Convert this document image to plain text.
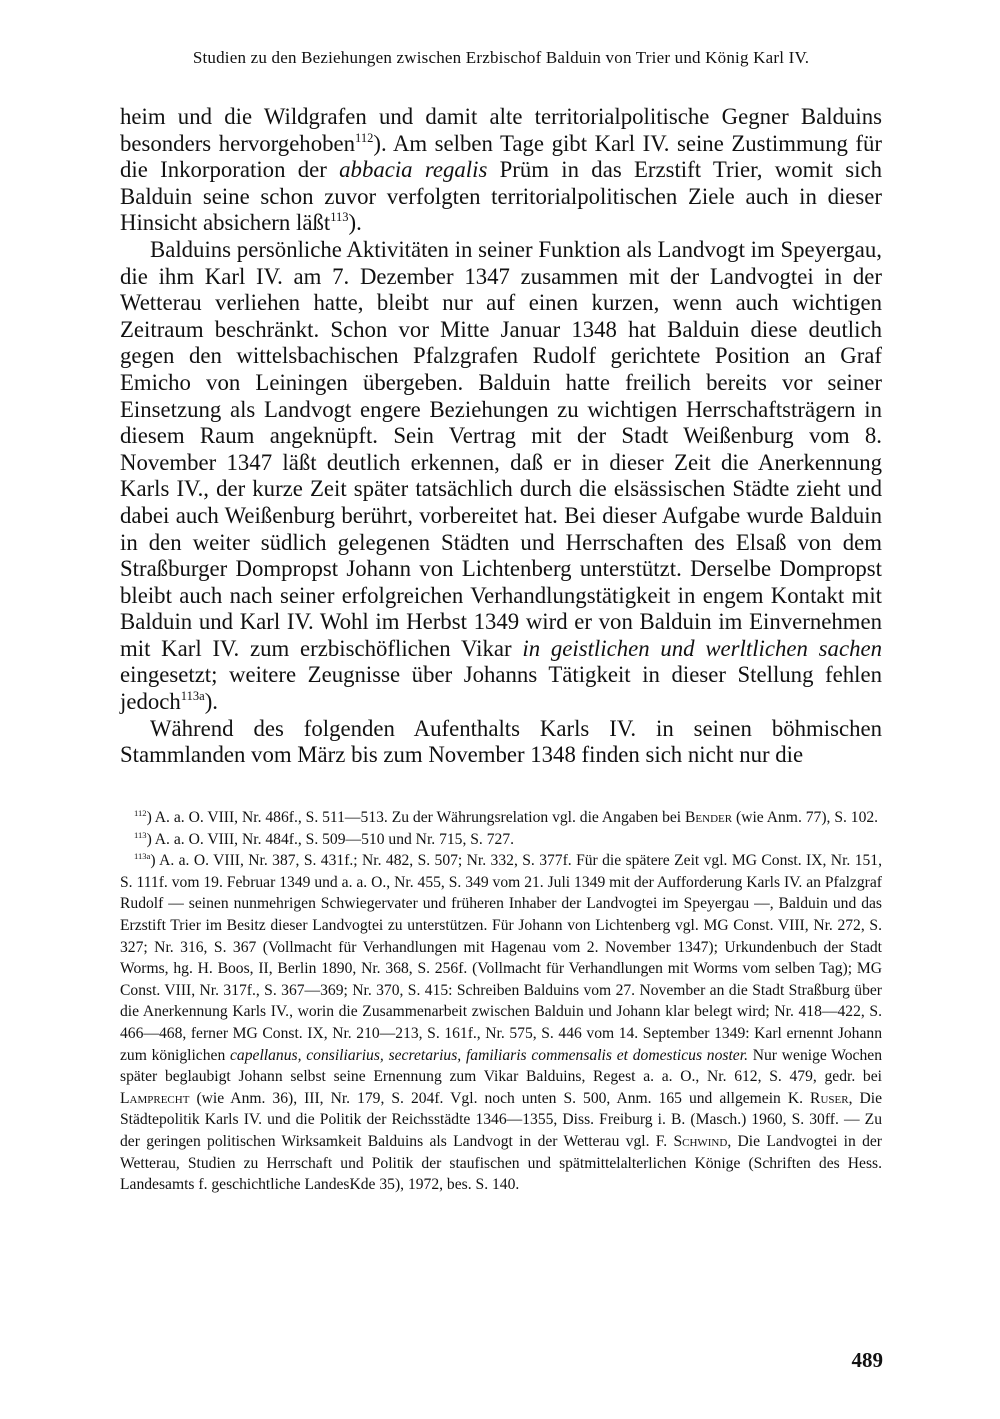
Studien zu den Beziehungen zwischen Erzbischof Balduin von Trier und König Karl IV.

heim und die Wildgrafen und damit alte territorialpolitische Gegner Balduins besonders hervorgehoben$^{112}$). Am selben Tage gibt Karl IV. seine Zustimmung für die Inkorporation der abbacia regalis Prüm in das Erzstift Trier, womit sich Balduin seine schon zuvor verfolgten territorialpolitischen Ziele auch in dieser Hinsicht absichern läßt$^{113}$).

Balduins persönliche Aktivitäten in seiner Funktion als Landvogt im Speyergau, die ihm Karl IV. am 7. Dezember 1347 zusammen mit der Landvogtei in der Wetterau verliehen hatte, bleibt nur auf einen kurzen, wenn auch wichtigen Zeitraum beschränkt. Schon vor Mitte Januar 1348 hat Balduin diese deutlich gegen den wittelsbachischen Pfalzgrafen Rudolf gerichtete Position an Graf Emicho von Leiningen übergeben. Balduin hatte freilich bereits vor seiner Einsetzung als Landvogt engere Beziehungen zu wichtigen Herrschaftsträgern in diesem Raum angeknüpft. Sein Vertrag mit der Stadt Weißenburg vom 8. November 1347 läßt deutlich erkennen, daß er in dieser Zeit die Anerkennung Karls IV., der kurze Zeit später tatsächlich durch die elsässischen Städte zieht und dabei auch Weißenburg berührt, vorbereitet hat. Bei dieser Aufgabe wurde Balduin in den weiter südlich gelegenen Städten und Herrschaften des Elsaß von dem Straßburger Dompropst Johann von Lichtenberg unterstützt. Derselbe Dompropst bleibt auch nach seiner erfolgreichen Verhandlungstätigkeit in engem Kontakt mit Balduin und Karl IV. Wohl im Herbst 1349 wird er von Balduin im Einvernehmen mit Karl IV. zum erzbischöflichen Vikar in geistlichen und werltlichen sachen eingesetzt; weitere Zeugnisse über Johanns Tätigkeit in dieser Stellung fehlen jedoch$^{113a}$).

Während des folgenden Aufenthalts Karls IV. in seinen böhmischen Stammlanden vom März bis zum November 1348 finden sich nicht nur die

$^{112}$) A. a. O. VIII, Nr. 486f., S. 511—513. Zu der Währungsrelation vgl. die Angaben bei Bender (wie Anm. 77), S. 102.

$^{113}$) A. a. O. VIII, Nr. 484f., S. 509—510 und Nr. 715, S. 727.

$^{113a}$) A. a. O. VIII, Nr. 387, S. 431f.; Nr. 482, S. 507; Nr. 332, S. 377f. Für die spätere Zeit vgl. MG Const. IX, Nr. 151, S. 111f. vom 19. Februar 1349 und a. a. O., Nr. 455, S. 349 vom 21. Juli 1349 mit der Aufforderung Karls IV. an Pfalzgraf Rudolf — seinen nunmehrigen Schwiegervater und früheren Inhaber der Landvogtei im Speyergau —, Balduin und das Erzstift Trier im Besitz dieser Landvogtei zu unterstützen. Für Johann von Lichtenberg vgl. MG Const. VIII, Nr. 272, S. 327; Nr. 316, S. 367 (Vollmacht für Verhandlungen mit Hagenau vom 2. November 1347); Urkundenbuch der Stadt Worms, hg. H. Boos, II, Berlin 1890, Nr. 368, S. 256f. (Vollmacht für Verhandlungen mit Worms vom selben Tag); MG Const. VIII, Nr. 317f., S. 367—369; Nr. 370, S. 415: Schreiben Balduins vom 27. November an die Stadt Straßburg über die Anerkennung Karls IV., worin die Zusammenarbeit zwischen Balduin und Johann klar belegt wird; Nr. 418—422, S. 466—468, ferner MG Const. IX, Nr. 210—213, S. 161f., Nr. 575, S. 446 vom 14. September 1349: Karl ernennt Johann zum königlichen capellanus, consiliarius, secretarius, familiaris commensalis et domesticus noster. Nur wenige Wochen später beglaubigt Johann selbst seine Ernennung zum Vikar Balduins, Regest a. a. O., Nr. 612, S. 479, gedr. bei Lamprecht (wie Anm. 36), III, Nr. 179, S. 204f. Vgl. noch unten S. 500, Anm. 165 und allgemein K. Ruser, Die Städtepolitik Karls IV. und die Politik der Reichsstädte 1346—1355, Diss. Freiburg i. B. (Masch.) 1960, S. 30ff. — Zu der geringen politischen Wirksamkeit Balduins als Landvogt in der Wetterau vgl. F. Schwind, Die Landvogtei in der Wetterau, Studien zu Herrschaft und Politik der staufischen und spätmittelalterlichen Könige (Schriften des Hess. Landesamts f. geschichtliche LandesKde 35), 1972, bes. S. 140.

489
